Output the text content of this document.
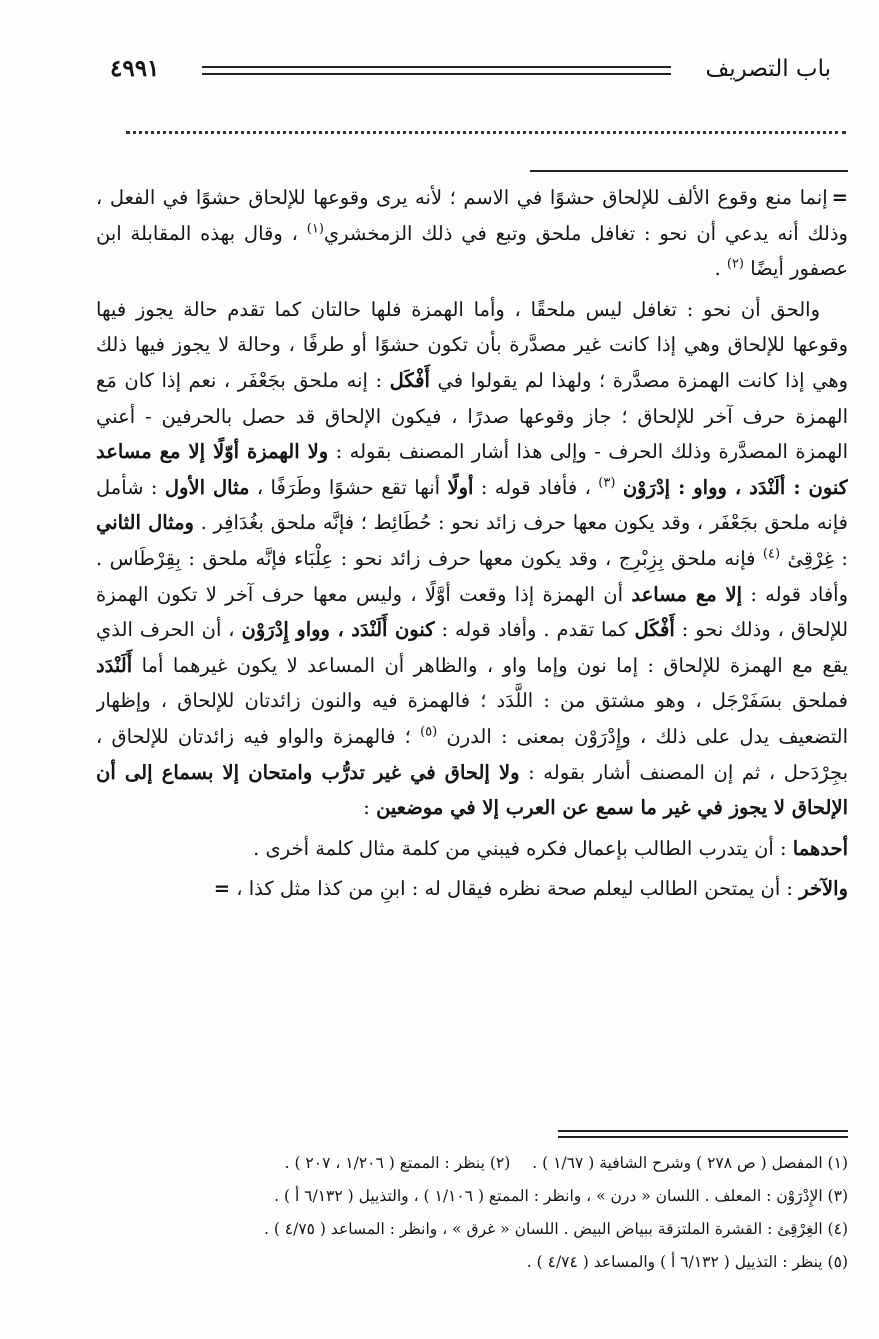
باب التصريف
٤٩٩١

=إنما منع وقوع الألف للإلحاق حشوًا في الاسم ؛ لأنه يرى وقوعها للإلحاق حشوًا في الفعل ، وذلك أنه يدعي أن نحو : تغافل ملحق وتبع في ذلك الزمخشري$^{(١)}$ ، وقال بهذه المقابلة ابن عصفور أيضًا $^{(٢)}$ .

والحق أن نحو : تغافل ليس ملحقًا ، وأما الهمزة فلها حالتان كما تقدم حالة يجوز فيها وقوعها للإلحاق وهي إذا كانت غير مصدَّرة بأن تكون حشوًا أو طرفًا ، وحالة لا يجوز فيها ذلك وهي إذا كانت الهمزة مصدَّرة ؛ ولهذا لم يقولوا في أَفْكَل : إنه ملحق بجَعْفَر ، نعم إذا كان مَع الهمزة حرف آخر للإلحاق ؛ جاز وقوعها صدرًا ، فيكون الإلحاق قد حصل بالحرفين - أعني الهمزة المصدَّرة وذلك الحرف - وإلى هذا أشار المصنف بقوله : ولا الهمزة أوّلًا إلا مع مساعد كنون : ألَنْدَد ، وواو : إدْرَوْن $^{(٣)}$ ، فأفاد قوله : أولًا أنها تقع حشوًا وطَرَفًا ، مثال الأول : شأمل فإنه ملحق بجَعْفَر ، وقد يكون معها حرف زائد نحو : حُطَائِط ؛ فإنَّه ملحق بغُدَافِر . ومثال الثاني : غِرْقِئ $^{(٤)}$ فإنه ملحق بِزِبْرِج ، وقد يكون معها حرف زائد نحو : عِلْبَاء فإنَّه ملحق : بِقِرْطَاس . وأفاد قوله : إلا مع مساعد أن الهمزة إذا وقعت أوَّلًا ، وليس معها حرف آخر لا تكون الهمزة للإلحاق ، وذلك نحو : أَفْكَل كما تقدم . وأفاد قوله : كنون أَلَنْدَد ، وواو إِدْرَوْن ، أن الحرف الذي يقع مع الهمزة للإلحاق : إما نون وإما واو ، والظاهر أن المساعد لا يكون غيرهما أما أَلَنْدَد فملحق بسَفَرْجَل ، وهو مشتق من : اللَّدَد ؛ فالهمزة فيه والنون زائدتان للإلحاق ، وإظهار التضعيف يدل على ذلك ، وإِدْرَوْن بمعنى : الدرن $^{(٥)}$ ؛ فالهمزة والواو فيه زائدتان للإلحاق ، بجِرْدَحل ، ثم إن المصنف أشار بقوله : ولا إلحاق في غير تدرُّب وامتحان إلا بسماع إلى أن الإلحاق لا يجوز في غير ما سمع عن العرب إلا في موضعين :

أحدهما : أن يتدرب الطالب بإعمال فكره فيبني من كلمة مثال كلمة أخرى .

والآخر : أن يمتحن الطالب ليعلم صحة نظره فيقال له : ابنِ من كذا مثل كذا ، =

(١) المفصل ( ص ٢٧٨ ) وشرح الشافية ( ١/٦٧ ) .(٢) ينظر : الممتع ( ١/٢٠٦ ، ٢٠٧ ) .
(٣) الإِدْرَوْن : المعلف . اللسان « درن » ، وانظر : الممتع ( ١/١٠٦ ) ، والتذييل ( ٦/١٣٢ أ ) .
(٤) الغِرْقِئ : القشرة الملتزقة ببياض البيض . اللسان « غرق » ، وانظر : المساعد ( ٤/٧٥ ) .
(٥) ينظر : التذييل ( ٦/١٣٢ أ ) والمساعد ( ٤/٧٤ ) .
